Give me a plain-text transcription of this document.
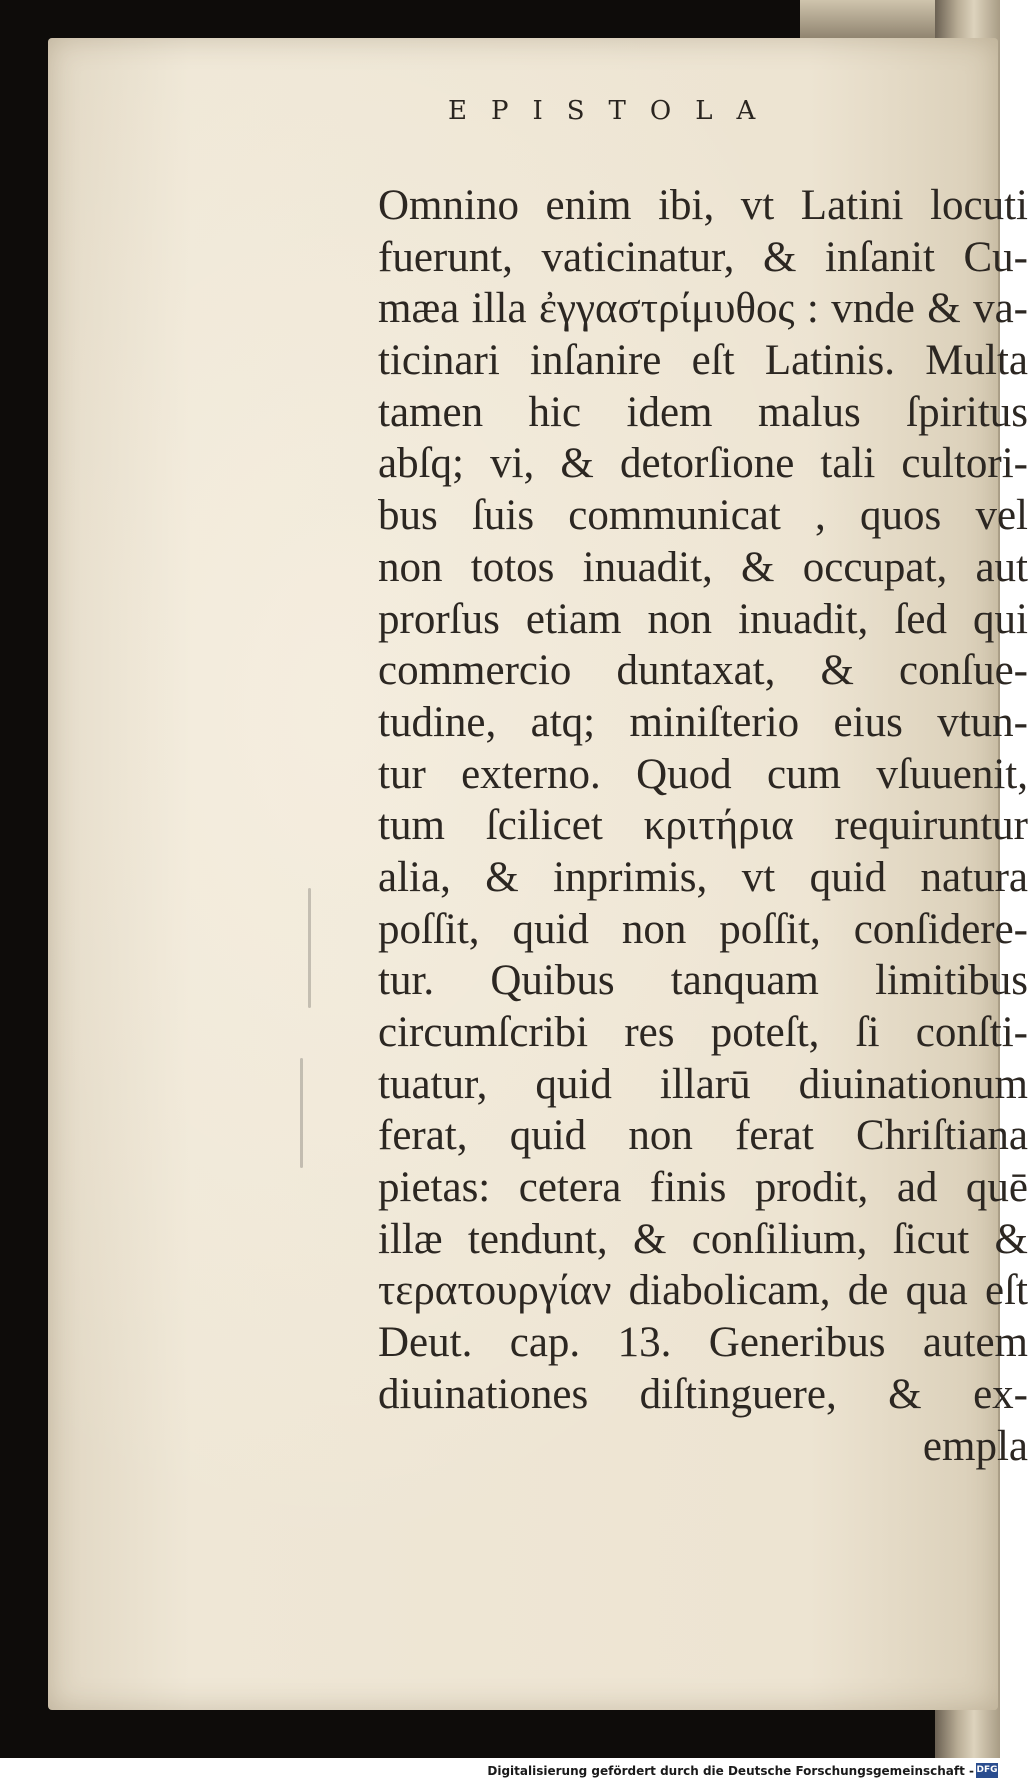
EPISTOLA
Omnino enim ibi, vt Latini locuti
fuerunt, vaticinatur, & inſanit Cu-
mæa illa ἐγγαστρίμυθος : vnde & va-
ticinari inſanire eſt Latinis. Multa
tamen hic idem malus ſpiritus
abſq; vi, & detorſione tali cultori-
bus ſuis communicat , quos vel
non totos inuadit, & occupat, aut
prorſus etiam non inuadit, ſed qui
commercio duntaxat, & conſue-
tudine, atq; miniſterio eius vtun-
tur externo. Quod cum vſuuenit,
tum ſcilicet κριτήρια requiruntur
alia, & inprimis, vt quid natura
poſſit, quid non poſſit, conſidere-
tur. Quibus tanquam limitibus
circumſcribi res poteſt, ſi conſti-
tuatur, quid illarū diuinationum
ferat, quid non ferat Chriſtiana
pietas: cetera finis prodit, ad quē
illæ tendunt, & conſilium, ſicut &
τερατουργίαν diabolicam, de qua eſt
Deut. cap. 13. Generibus autem
diuinationes diſtinguere, & ex-
empla
Digitalisierung gefördert durch die Deutsche Forschungsgemeinschaft - DFG
